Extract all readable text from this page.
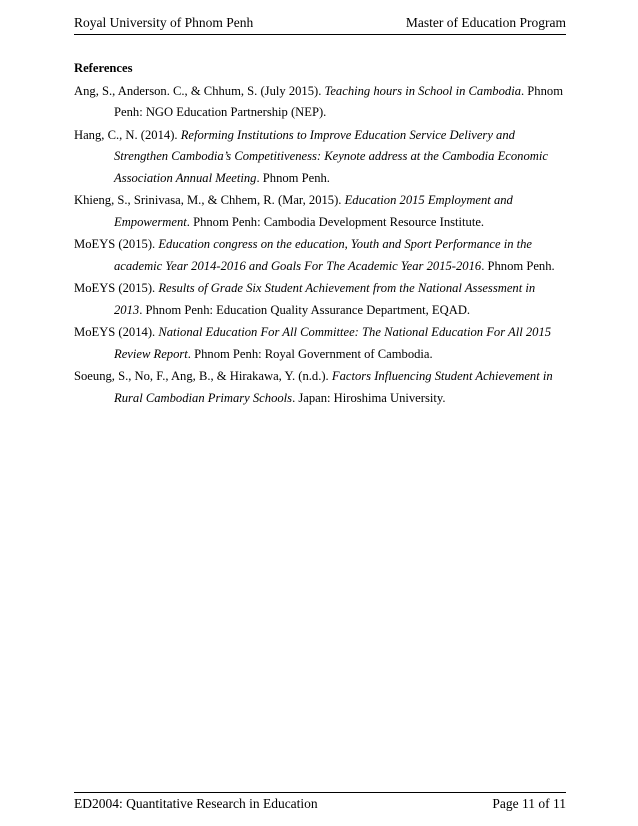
Royal University of Phnom Penh	Master of Education Program
References

Ang, S., Anderson. C., & Chhum, S. (July 2015). Teaching hours in School in Cambodia. Phnom Penh: NGO Education Partnership (NEP).

Hang, C., N. (2014). Reforming Institutions to Improve Education Service Delivery and Strengthen Cambodia’s Competitiveness: Keynote address at the Cambodia Economic Association Annual Meeting. Phnom Penh.

Khieng, S., Srinivasa, M., & Chhem, R. (Mar, 2015). Education 2015 Employment and Empowerment. Phnom Penh: Cambodia Development Resource Institute.

MoEYS (2015). Education congress on the education, Youth and Sport Performance in the academic Year 2014-2016 and Goals For The Academic Year 2015-2016. Phnom Penh.

MoEYS (2015). Results of Grade Six Student Achievement from the National Assessment in 2013. Phnom Penh: Education Quality Assurance Department, EQAD.

MoEYS (2014). National Education For All Committee: The National Education For All 2015 Review Report. Phnom Penh: Royal Government of Cambodia.

Soeung, S., No, F., Ang, B., & Hirakawa, Y. (n.d.). Factors Influencing Student Achievement in Rural Cambodian Primary Schools. Japan: Hiroshima University.

ED2004: Quantitative Research in Education	Page 11 of 11
